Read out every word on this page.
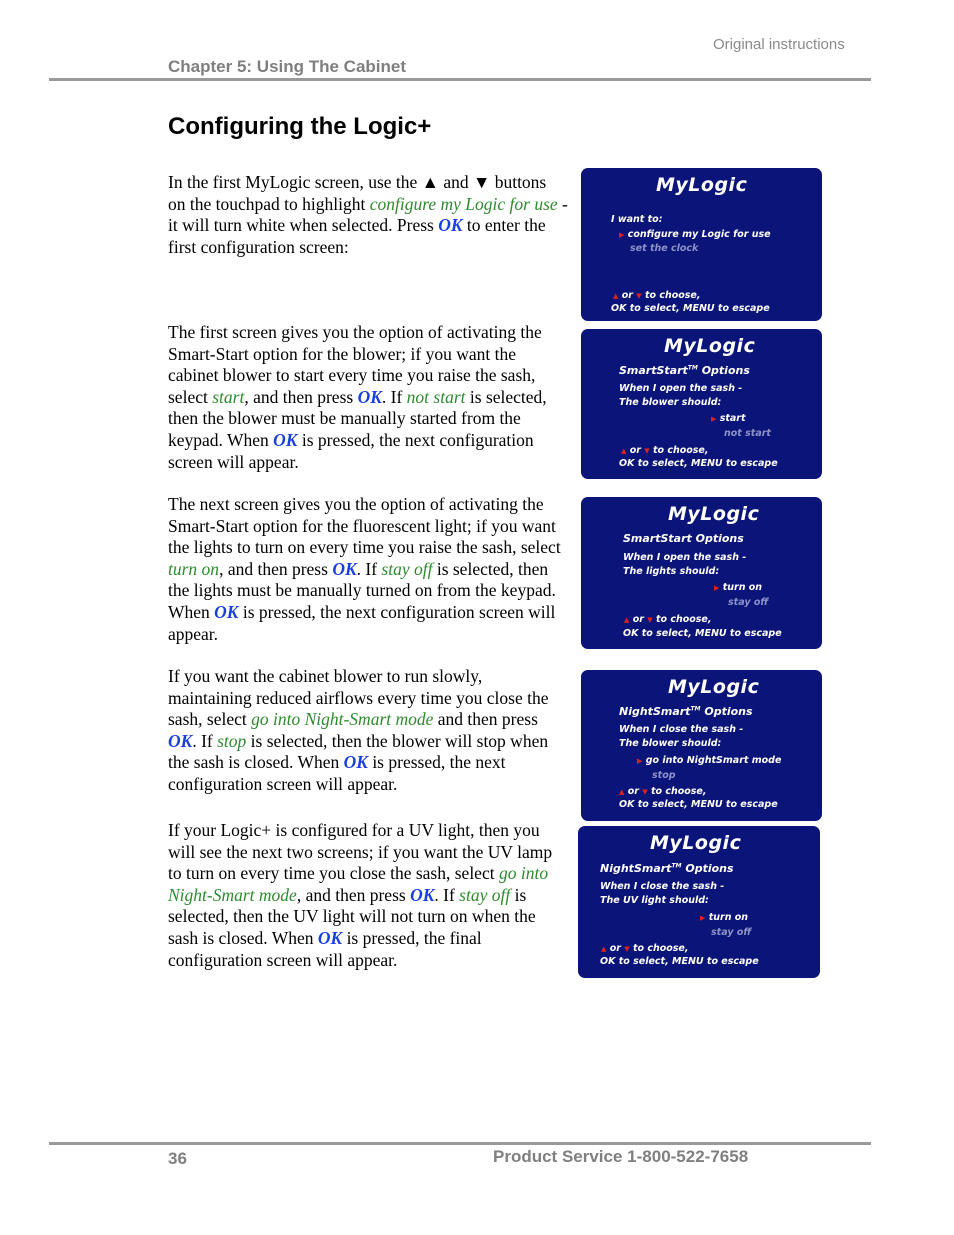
Original instructions
Chapter 5: Using The Cabinet
Configuring the Logic+

In the first MyLogic screen, use the ▲ and ▼ buttons on the touchpad to highlight configure my Logic for use -it will turn white when selected. Press OK to enter the first configuration screen:

The first screen gives you the option of activating the Smart-Start option for the blower; if you want the cabinet blower to start every time you raise the sash, select start, and then press OK. If not start is selected, then the blower must be manually started from the keypad. When OK is pressed, the next configuration screen will appear.

The next screen gives you the option of activating the Smart-Start option for the fluorescent light; if you want the lights to turn on every time you raise the sash, select turn on, and then press OK. If stay off is selected, then the lights must be manually turned on from the keypad. When OK is pressed, the next configuration screen will appear.

If you want the cabinet blower to run slowly, maintaining reduced airflows every time you close the sash, select go into Night-Smart mode and then press OK. If stop is selected, then the blower will stop when the sash is closed. When OK is pressed, the next configuration screen will appear.

If your Logic+ is configured for a UV light, then you will see the next two screens; if you want the UV lamp to turn on every time you close the sash, select go into Night-Smart mode, and then press OK. If stay off is selected, then the UV light will not turn on when the sash is closed. When OK is pressed, the final configuration screen will appear.

MyLogic
I want to:
▶ configure my Logic for use
set the clock
▲ or ▼ to choose,
OK to select, MENU to escape
MyLogic
SmartStart™ Options
When I open the sash -
The blower should:
▶ start
not start
▲ or ▼ to choose,
OK to select, MENU to escape
MyLogic
SmartStart Options
When I open the sash -
The lights should:
▶ turn on
stay off
▲ or ▼ to choose,
OK to select, MENU to escape
MyLogic
NightSmart™ Options
When I close the sash -
The blower should:
▶ go into NightSmart mode
stop
▲ or ▼ to choose,
OK to select, MENU to escape
MyLogic
NightSmart™ Options
When I close the sash -
The UV light should:
▶ turn on
stay off
▲ or ▼ to choose,
OK to select, MENU to escape
36	Product Service 1-800-522-7658
